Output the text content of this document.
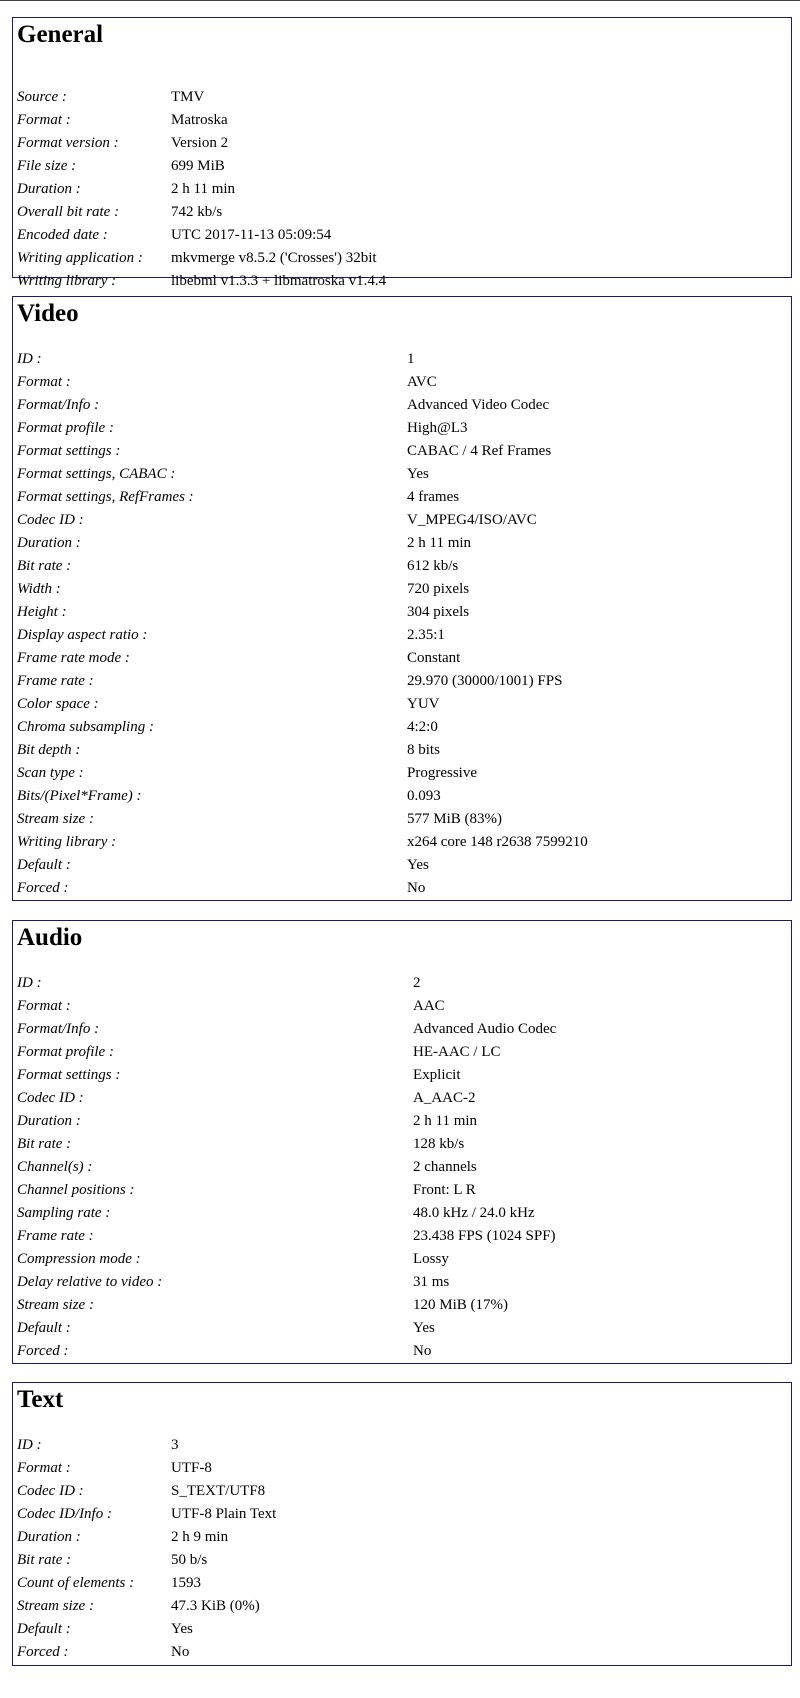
General
Source :	TMV
Format :	Matroska
Format version :	Version 2
File size :	699 MiB
Duration :	2 h 11 min
Overall bit rate :	742 kb/s
Encoded date :	UTC 2017-11-13 05:09:54
Writing application : mkvmerge v8.5.2 ('Crosses') 32bit
Writing library :	libebml v1.3.3 + libmatroska v1.4.4
Video
ID :	1
Format :	AVC
Format/Info :	Advanced Video Codec
Format profile :	High@L3
Format settings :	CABAC / 4 Ref Frames
Format settings, CABAC :	Yes
Format settings, RefFrames :	4 frames
Codec ID :	V_MPEG4/ISO/AVC
Duration :	2 h 11 min
Bit rate :	612 kb/s
Width :	720 pixels
Height :	304 pixels
Display aspect ratio :	2.35:1
Frame rate mode :	Constant
Frame rate :	29.970 (30000/1001) FPS
Color space :	YUV
Chroma subsampling :	4:2:0
Bit depth :	8 bits
Scan type :	Progressive
Bits/(Pixel*Frame) :	0.093
Stream size :	577 MiB (83%)
Writing library :	x264 core 148 r2638 7599210
Default :	Yes
Forced :	No
Audio
ID :	2
Format :	AAC
Format/Info :	Advanced Audio Codec
Format profile :	HE-AAC / LC
Format settings :	Explicit
Codec ID :	A_AAC-2
Duration :	2 h 11 min
Bit rate :	128 kb/s
Channel(s) :	2 channels
Channel positions :	Front: L R
Sampling rate :	48.0 kHz / 24.0 kHz
Frame rate :	23.438 FPS (1024 SPF)
Compression mode :	Lossy
Delay relative to video :	31 ms
Stream size :	120 MiB (17%)
Default :	Yes
Forced :	No
Text
ID :	3
Format :	UTF-8
Codec ID :	S_TEXT/UTF8
Codec ID/Info :	UTF-8 Plain Text
Duration :	2 h 9 min
Bit rate :	50 b/s
Count of elements : 1593
Stream size :	47.3 KiB (0%)
Default :	Yes
Forced :	No
